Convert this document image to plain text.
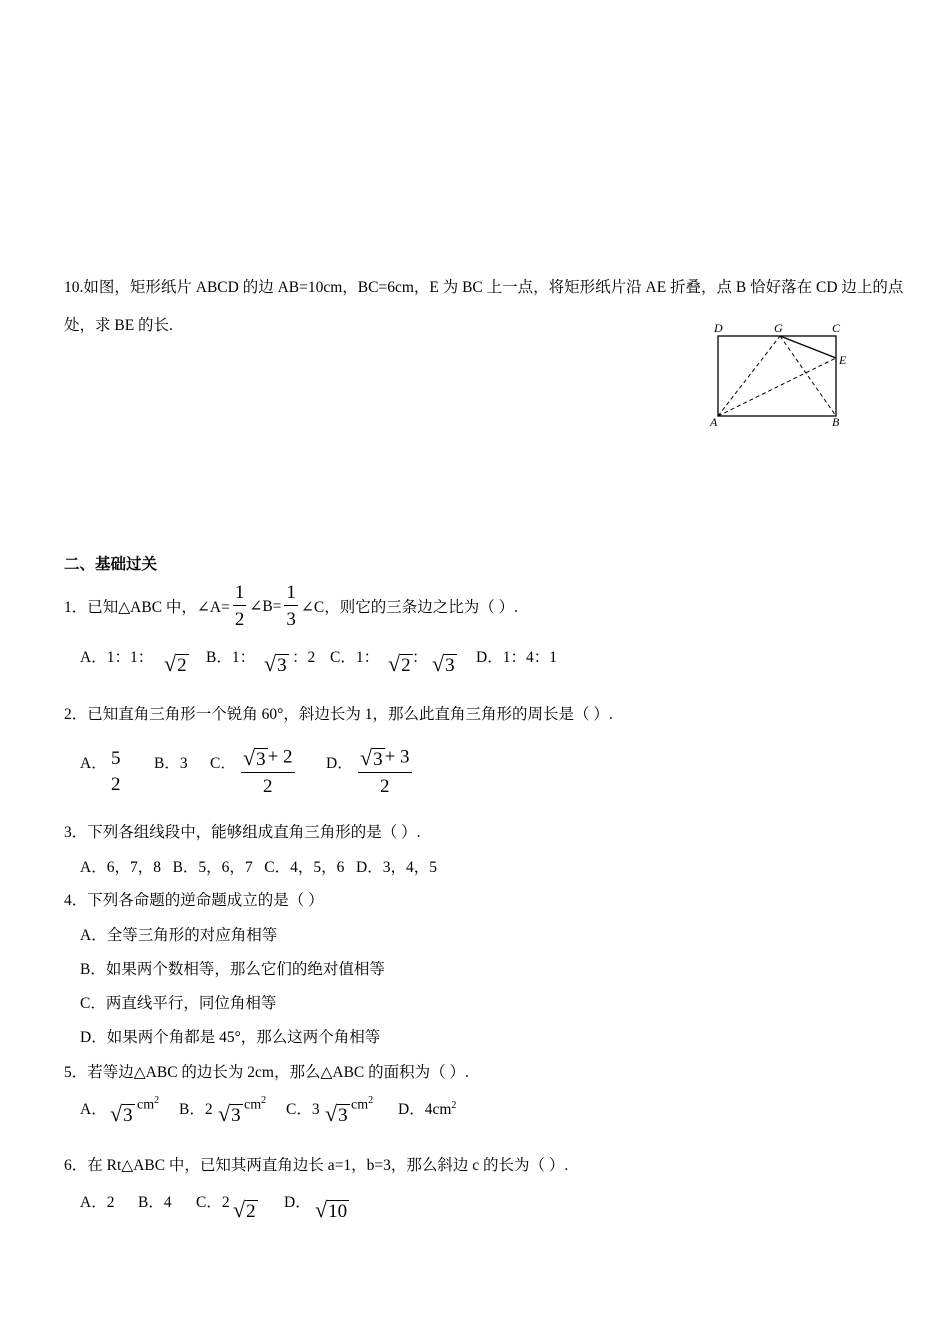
10.如图，矩形纸片 ABCD 的边 AB=10cm，BC=6cm，E 为 BC 上一点，将矩形纸片沿 AE 折叠，点 B 恰好落在 CD 边上的点
处，求 BE 的长.	D	G	C
E
A	B
二、基础过关
1．已知△ABC 中，∠A= $\frac{1}{2}$ ∠B= $\frac{1}{3}$ ∠C，则它的三条边之比为（ ）.
A．1：1： √ 2 B．1： √ 3 ：2 C．1： √ 2 ： √ 3 D．1：4：1
2．已知直角三角形一个锐角 60°，斜边长为 1，那么此直角三角形的周长是（ ）.
A． 5
2
B．3 C． $\frac{√ 3 + 2}{2}$ D． $\frac{√ 3 + 3}{2}$
3．下列各组线段中，能够组成直角三角形的是（ ）.
A．6，7，8   B．5，6，7   C．4，5，6   D．3，4，5
4．下列各命题的逆命题成立的是（ ）
A．全等三角形的对应角相等
B．如果两个数相等，那么它们的绝对值相等
C．两直线平行，同位角相等
D．如果两个角都是 45°，那么这两个角相等
5．若等边△ABC 的边长为 2cm，那么△ABC 的面积为（ ）.
A． √ 3 $cm^2$
B．2 √ 3 $cm^2$
C．3 √ 3 $cm^2$
D．$4cm^2$
6．在 Rt△ABC 中，已知其两直角边长 a=1，b=3，那么斜边 c 的长为（ ）.
A．2 B．4 C．2 √ 2 D． √ 10
